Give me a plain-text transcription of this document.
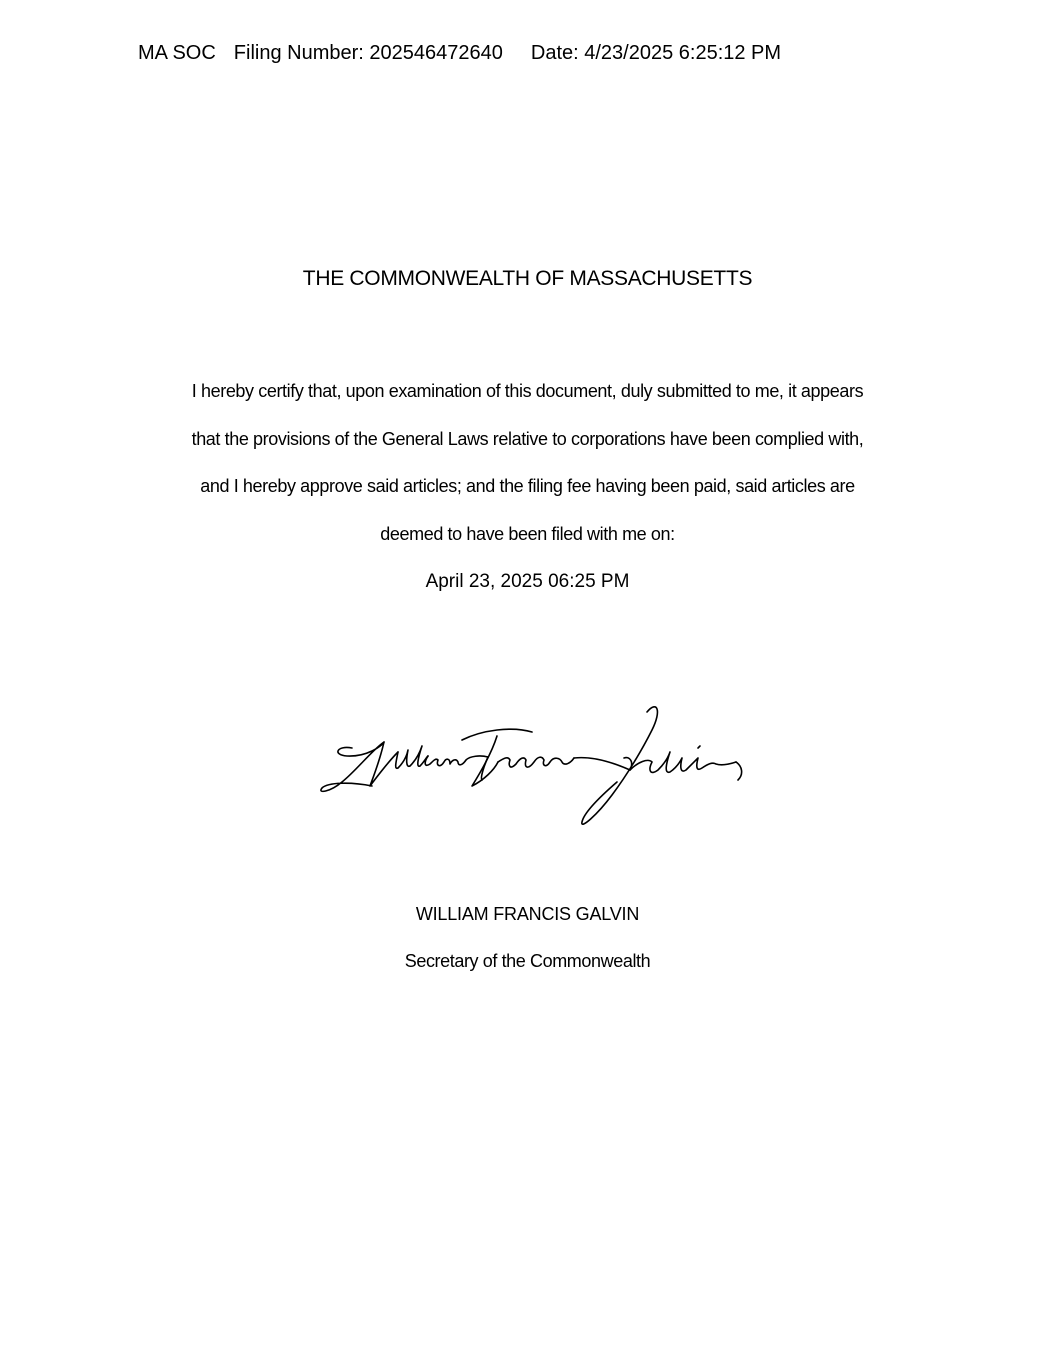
MA SOC Filing Number: 202546472640 Date: 4/23/2025 6:25:12 PM
THE COMMONWEALTH OF MASSACHUSETTS
I hereby certify that, upon examination of this document, duly submitted to me, it appears
that the provisions of the General Laws relative to corporations have been complied with,
and I hereby approve said articles; and the filing fee having been paid, said articles are
deemed to have been filed with me on:
April 23, 2025 06:25 PM
WILLIAM FRANCIS GALVIN
Secretary of the Commonwealth
